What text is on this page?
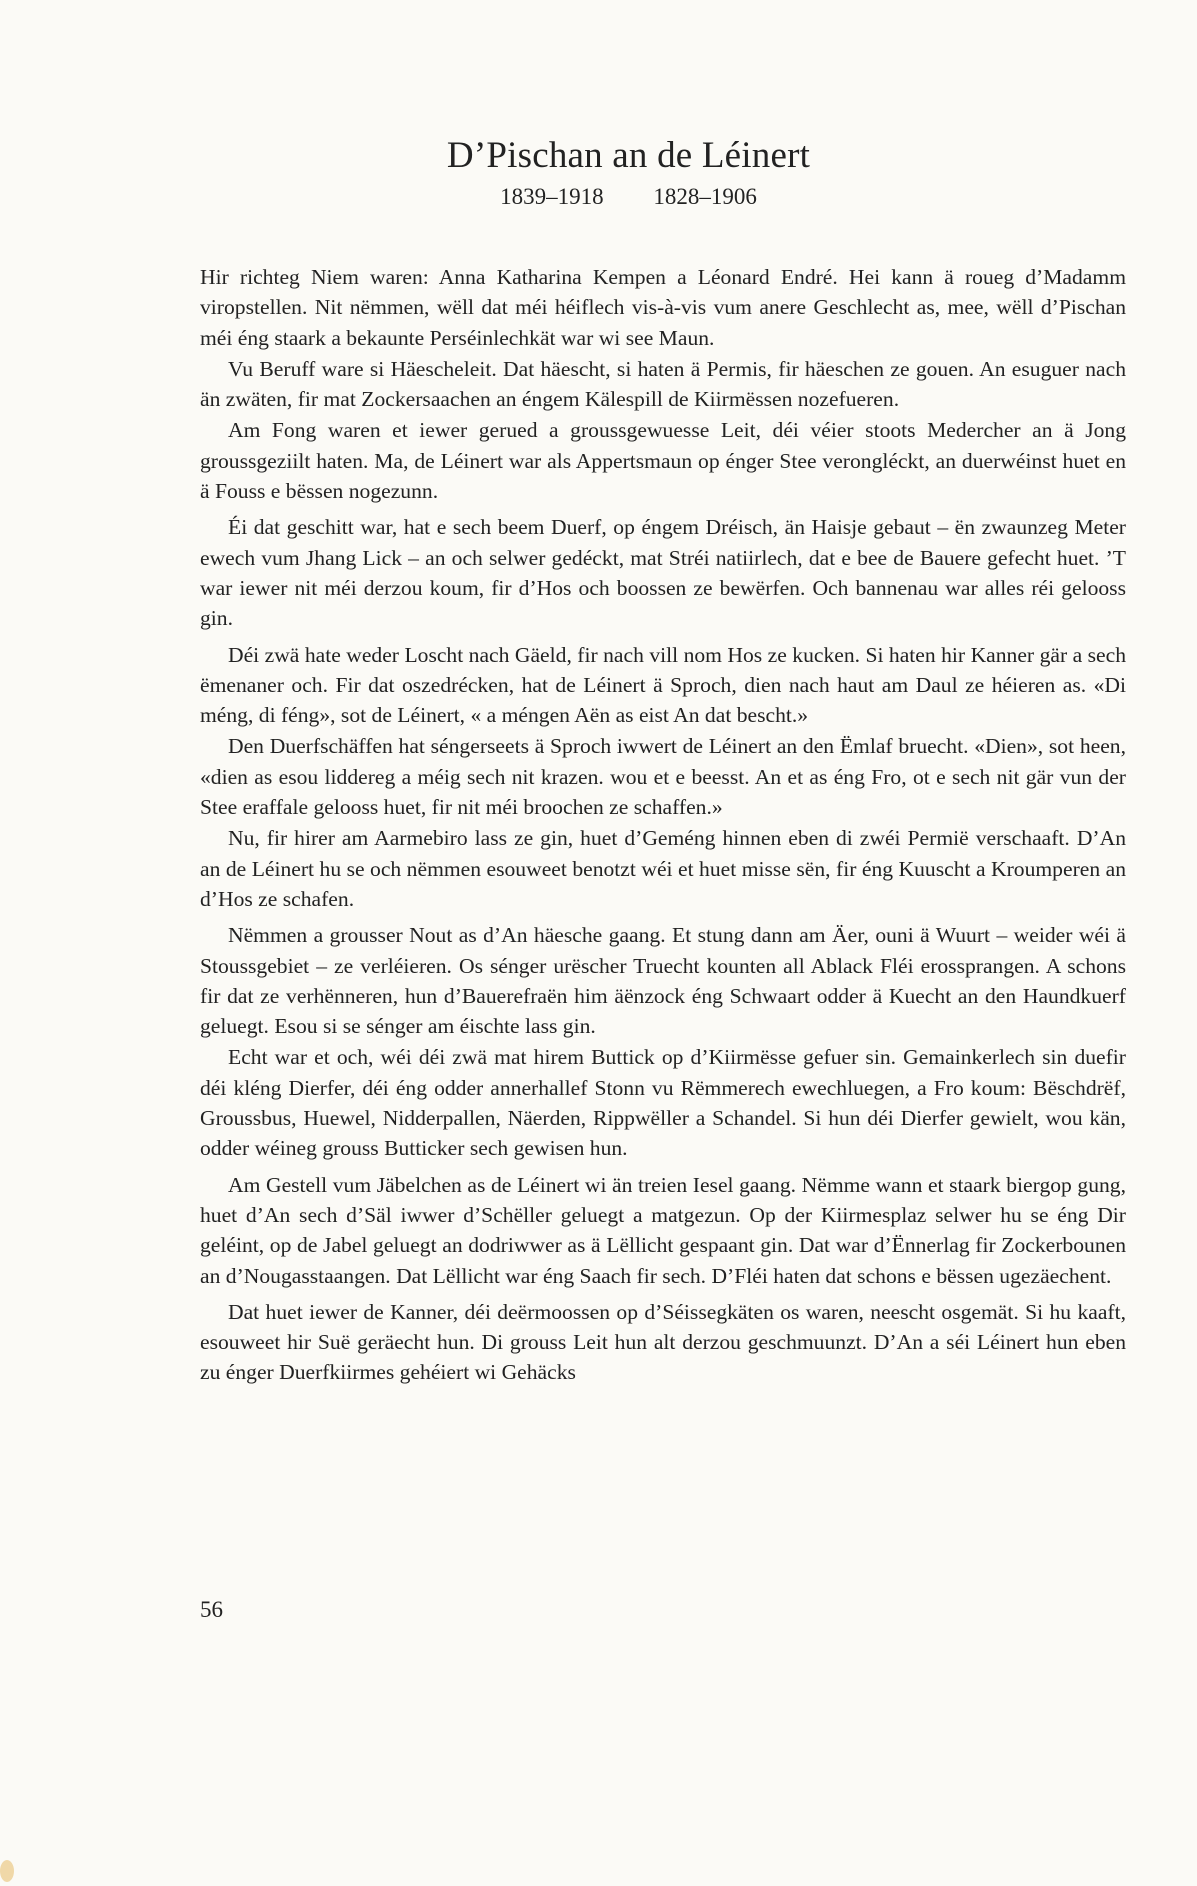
D’Pischan an de Léinert
1839–1918 1828–1906

Hir richteg Niem waren: Anna Katharina Kempen a Léonard Endré. Hei kann ä roueg d’Madamm viropstellen. Nit nëmmen, wëll dat méi héiflech vis-à-vis vum anere Geschlecht as, mee, wëll d’Pischan méi éng staark a bekaunte Perséinlechkät war wi see Maun.

Vu Beruff ware si Häescheleit. Dat häescht, si haten ä Permis, fir häeschen ze gouen. An esuguer nach än zwäten, fir mat Zockersaachen an éngem Kälespill de Kiirmëssen nozefueren.

Am Fong waren et iewer gerued a groussgewuesse Leit, déi véier stoots Medercher an ä Jong groussgeziilt haten. Ma, de Léinert war als Appertsmaun op énger Stee verongléckt, an duerwéinst huet en ä Fouss e bëssen nogezunn.

Éi dat geschitt war, hat e sech beem Duerf, op éngem Dréisch, än Haisje gebaut – ën zwaunzeg Meter ewech vum Jhang Lick – an och selwer gedéckt, mat Stréi natiirlech, dat e bee de Bauere gefecht huet. ’T war iewer nit méi derzou koum, fir d’Hos och boossen ze bewërfen. Och bannenau war alles réi gelooss gin.

Déi zwä hate weder Loscht nach Gäeld, fir nach vill nom Hos ze kucken. Si haten hir Kanner gär a sech ëmenaner och. Fir dat oszedrécken, hat de Léinert ä Sproch, dien nach haut am Daul ze héieren as. «Di méng, di féng», sot de Léinert, « a méngen Aën as eist An dat bescht.»

Den Duerfschäffen hat séngerseets ä Sproch iwwert de Léinert an den Ëmlaf bruecht. «Dien», sot heen, «dien as esou liddereg a méig sech nit krazen. wou et e beesst. An et as éng Fro, ot e sech nit gär vun der Stee eraffale gelooss huet, fir nit méi broochen ze schaffen.»

Nu, fir hirer am Aarmebiro lass ze gin, huet d’Geméng hinnen eben di zwéi Permië verschaaft. D’An an de Léinert hu se och nëmmen esouweet benotzt wéi et huet misse sën, fir éng Kuuscht a Kroumperen an d’Hos ze schafen.

Nëmmen a grousser Nout as d’An häesche gaang. Et stung dann am Äer, ouni ä Wuurt – weider wéi ä Stoussgebiet – ze verléieren. Os sénger urëscher Truecht kounten all Ablack Fléi erossprangen. A schons fir dat ze verhënneren, hun d’Bauerefraën him äënzock éng Schwaart odder ä Kuecht an den Haundkuerf geluegt. Esou si se sénger am éischte lass gin.

Echt war et och, wéi déi zwä mat hirem Buttick op d’Kiirmësse gefuer sin. Gemainkerlech sin duefir déi kléng Dierfer, déi éng odder annerhallef Stonn vu Rëmmerech ewechluegen, a Fro koum: Bëschdrëf, Groussbus, Huewel, Nidderpallen, Näerden, Rippwëller a Schandel. Si hun déi Dierfer gewielt, wou kän, odder wéineg grouss Butticker sech gewisen hun.

Am Gestell vum Jäbelchen as de Léinert wi än treien Iesel gaang. Nëmme wann et staark biergop gung, huet d’An sech d’Säl iwwer d’Schëller geluegt a matgezun. Op der Kiirmesplaz selwer hu se éng Dir geléint, op de Jabel geluegt an dodriwwer as ä Lëllicht gespaant gin. Dat war d’Ënnerlag fir Zockerbounen an d’Nougasstaangen. Dat Lëllicht war éng Saach fir sech. D’Fléi haten dat schons e bëssen ugezäechent.

Dat huet iewer de Kanner, déi deërmoossen op d’Séissegkäten os waren, neescht osgemät. Si hu kaaft, esouweet hir Suë geräecht hun. Di grouss Leit hun alt derzou geschmuunzt. D’An a séi Léinert hun eben zu énger Duerfkiirmes gehéiert wi Gehäcks

56
